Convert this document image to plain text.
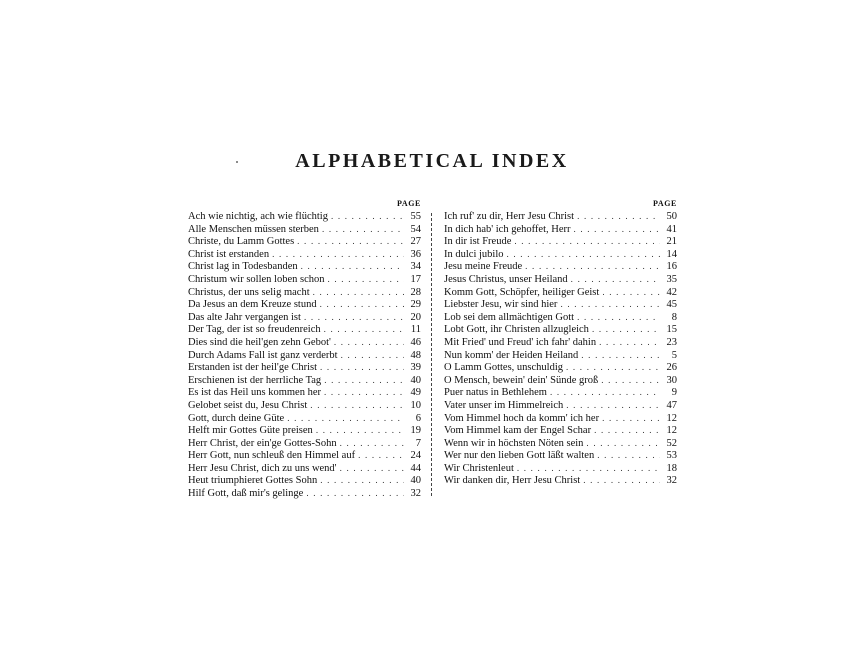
ALPHABETICAL INDEX
PAGE
Ach wie nichtig, ach wie flüchtig . . .	55
Alle Menschen müssen sterben . . .	54
Christe, du Lamm Gottes . . .	27
Christ ist erstanden . . .	36
Christ lag in Todesbanden . . .	34
Christum wir sollen loben schon . . .	17
Christus, der uns selig macht . . .	28
Da Jesus an dem Kreuze stund . . .	29
Das alte Jahr vergangen ist . . .	20
Der Tag, der ist so freudenreich . . .	11
Dies sind die heil'gen zehn Gebot' . . .	46
Durch Adams Fall ist ganz verderbt . . .	48
Erstanden ist der heil'ge Christ . . .	39
Erschienen ist der herrliche Tag . . .	40
Es ist das Heil uns kommen her . . .	49
Gelobet seist du, Jesu Christ . . .	10
Gott, durch deine Güte . . .	6
Helft mir Gottes Güte preisen . . .	19
Herr Christ, der ein'ge Gottes-Sohn . . .	7
Herr Gott, nun schleuß den Himmel auf . . .	24
Herr Jesu Christ, dich zu uns wend' . . .	44
Heut triumphieret Gottes Sohn . . .	40
Hilf Gott, daß mir's gelinge . . .	32
PAGE
Ich ruf' zu dir, Herr Jesu Christ . . .	50
In dich hab' ich gehoffet, Herr . . .	41
In dir ist Freude . . .	21
In dulci jubilo . . .	14
Jesu meine Freude . . .	16
Jesus Christus, unser Heiland . . .	35
Komm Gott, Schöpfer, heiliger Geist . . .	42
Liebster Jesu, wir sind hier . . .	45
Lob sei dem allmächtigen Gott . . .	8
Lobt Gott, ihr Christen allzugleich . . .	15
Mit Fried' und Freud' ich fahr' dahin . . .	23
Nun komm' der Heiden Heiland . . .	5
O Lamm Gottes, unschuldig . . .	26
O Mensch, bewein' dein' Sünde groß . . .	30
Puer natus in Bethlehem . . .	9
Vater unser im Himmelreich . . .	47
Vom Himmel hoch da komm' ich her . . .	12
Vom Himmel kam der Engel Schar . . .	12
Wenn wir in höchsten Nöten sein . . .	52
Wer nur den lieben Gott läßt walten . . .	53
Wir Christenleut . . .	18
Wir danken dir, Herr Jesu Christ . . .	32
